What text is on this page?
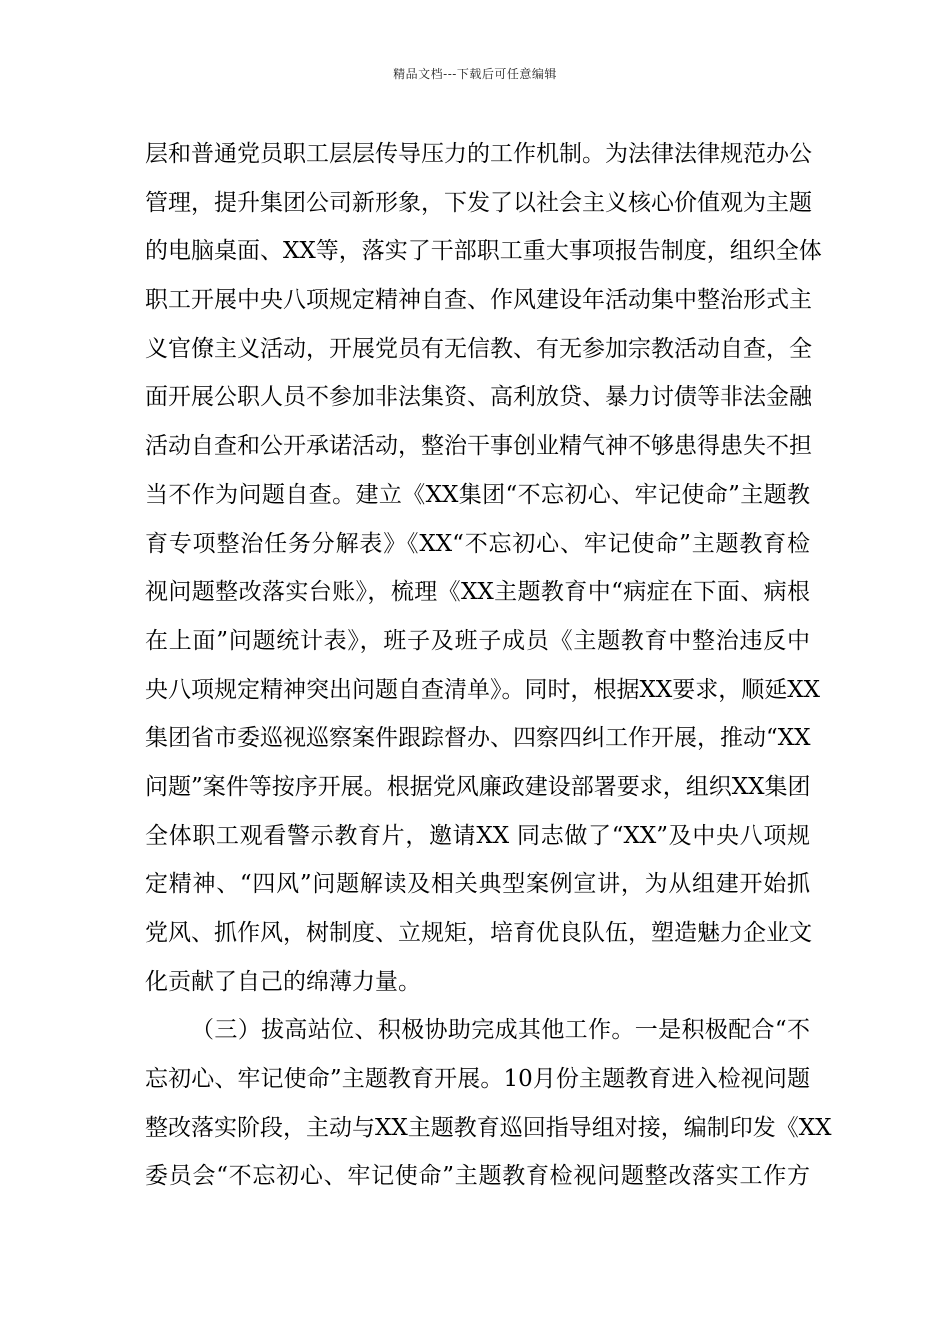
精品文档---下载后可任意编辑
层和普通党员职工层层传导压力的工作机制。为法律法律规范办公
管理，提升集团公司新形象，下发了以社会主义核心价值观为主题
的电脑桌面、XX等，落实了干部职工重大事项报告制度，组织全体
职工开展中央八项规定精神自查、作风建设年活动集中整治形式主
义官僚主义活动，开展党员有无信教、有无参加宗教活动自查，全
面开展公职人员不参加非法集资、高利放贷、暴力讨债等非法金融
活动自查和公开承诺活动，整治干事创业精气神不够患得患失不担
当不作为问题自查。建立《XX集团“不忘初心、牢记使命”主题教
育专项整治任务分解表》《XX“不忘初心、牢记使命”主题教育检
视问题整改落实台账》，梳理《XX主题教育中“病症在下面、病根
在上面”问题统计表》，班子及班子成员《主题教育中整治违反中
央八项规定精神突出问题自查清单》。同时，根据XX要求，顺延XX
集团省市委巡视巡察案件跟踪督办、四察四纠工作开展，推动“XX
问题”案件等按序开展。根据党风廉政建设部署要求，组织XX集团
全体职工观看警示教育片，邀请XX 同志做了“XX”及中央八项规
定精神、“四风”问题解读及相关典型案例宣讲，为从组建开始抓
党风、抓作风，树制度、立规矩，培育优良队伍，塑造魅力企业文
化贡献了自己的绵薄力量。
（三）拔高站位、积极协助完成其他工作。一是积极配合“不
忘初心、牢记使命”主题教育开展。10月份主题教育进入检视问题
整改落实阶段，主动与XX主题教育巡回指导组对接，编制印发《XX
委员会“不忘初心、牢记使命”主题教育检视问题整改落实工作方
